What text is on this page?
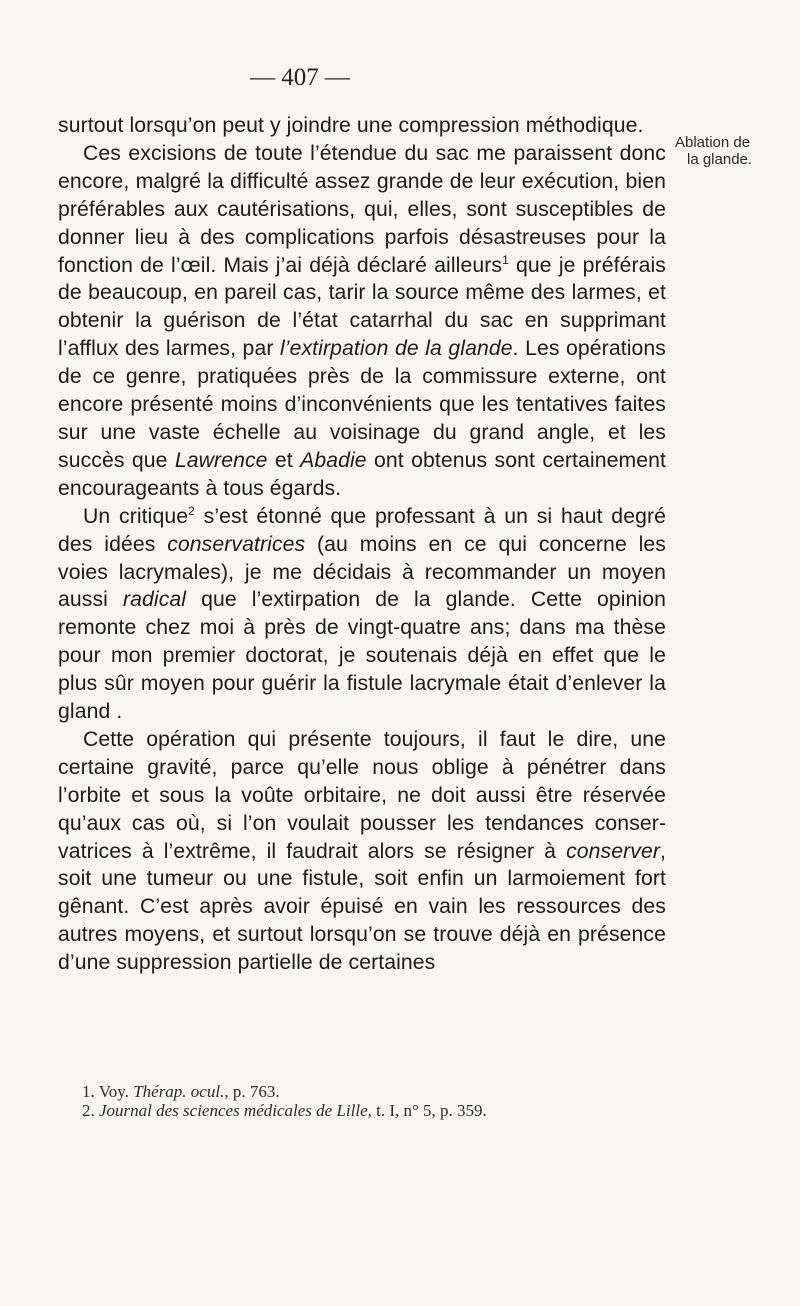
— 407 —
Ablation de
la glande.

surtout lorsqu’on peut y joindre une compression méthodique.

Ces excisions de toute l’étendue du sac me paraissent donc encore, malgré la difficulté assez grande de leur exécution, bien préférables aux cautérisations, qui, elles, sont susceptibles de donner lieu à des complications parfois désastreuses pour la fonction de l’œil. Mais j’ai déjà déclaré ailleurs$^1$ que je préférais de beaucoup, en pareil cas, tarir la source même des larmes, et obtenir la guérison de l’état catarrhal du sac en supprimant l’afflux des larmes, par l’extirpation de la glande. Les opérations de ce genre, pratiquées près de la commissure externe, ont encore présenté moins d’inconvénients que les tentatives faites sur une vaste échelle au voisinage du grand angle, et les succès que Lawrence et Abadie ont obtenus sont certainement encourageants à tous égards.

Un critique$^2$ s’est étonné que professant à un si haut degré des idées conservatrices (au moins en ce qui concerne les voies lacrymales), je me décidais à recommander un moyen aussi radical que l’extirpation de la glande. Cette opinion remonte chez moi à près de vingt-quatre ans; dans ma thèse pour mon premier doctorat, je soutenais déjà en effet que le plus sûr moyen pour guérir la fistule lacrymale était d’enlever la gland .

Cette opération qui présente toujours, il faut le dire, une certaine gravité, parce qu’elle nous oblige à pénétrer dans l’orbite et sous la voûte orbitaire, ne doit aussi être réservée qu’aux cas où, si l’on voulait pousser les tendances conservatrices à l’extrême, il faudrait alors se résigner à conserver, soit une tumeur ou une fistule, soit enfin un larmoiement fort gênant. C’est après avoir épuisé en vain les ressources des autres moyens, et surtout lorsqu’on se trouve déjà en présence d’une suppression partielle de certaines

1. Voy. Thérap. ocul., p. 763.

2. Journal des sciences médicales de Lille, t. I, n° 5, p. 359.
